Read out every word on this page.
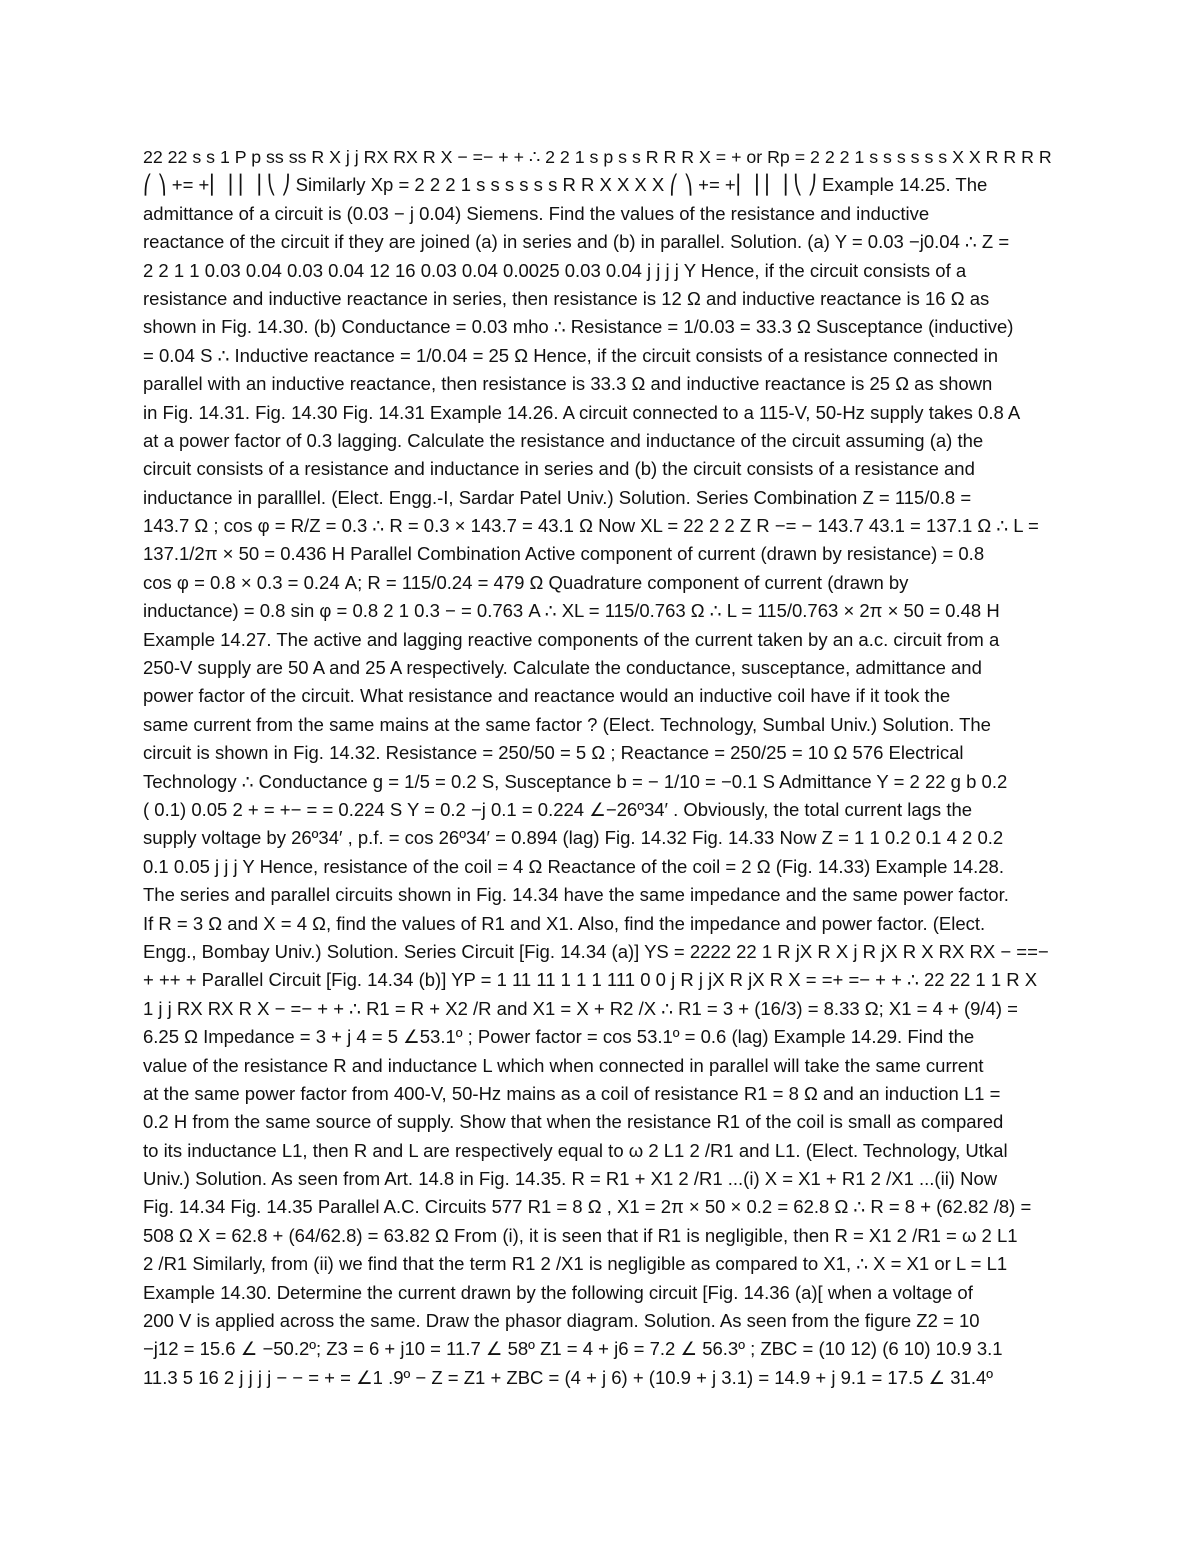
22 22 s s 1 P p ss ss R X j j RX RX R X − =− + + ∴ 2 2 1 s p s s R R R X = + or Rp = 2 2 2 1 s s s s s s X X R R R R
⎛ ⎞ += +⎜ ⎟ ⎜ ⎟ ⎝ ⎠ Similarly Xp = 2 2 2 1 s s s s s s R R X X X X ⎛ ⎞ += +⎜ ⎟ ⎜ ⎟ ⎝ ⎠ Example 14.25. The
admittance of a circuit is (0.03 − j 0.04) Siemens. Find the values of the resistance and inductive
reactance of the circuit if they are joined (a) in series and (b) in parallel. Solution. (a) Y = 0.03 −j0.04 ∴ Z =
2 2 1 1 0.03 0.04 0.03 0.04 12 16 0.03 0.04 0.0025 0.03 0.04 j j j j Y Hence, if the circuit consists of a
resistance and inductive reactance in series, then resistance is 12 Ω and inductive reactance is 16 Ω as
shown in Fig. 14.30. (b) Conductance = 0.03 mho ∴ Resistance = 1/0.03 = 33.3 Ω Susceptance (inductive)
= 0.04 S ∴ Inductive reactance = 1/0.04 = 25 Ω Hence, if the circuit consists of a resistance connected in
parallel with an inductive reactance, then resistance is 33.3 Ω and inductive reactance is 25 Ω as shown
in Fig. 14.31. Fig. 14.30 Fig. 14.31 Example 14.26. A circuit connected to a 115-V, 50-Hz supply takes 0.8 A
at a power factor of 0.3 lagging. Calculate the resistance and inductance of the circuit assuming (a) the
circuit consists of a resistance and inductance in series and (b) the circuit consists of a resistance and
inductance in paralllel. (Elect. Engg.-I, Sardar Patel Univ.) Solution. Series Combination Z = 115/0.8 =
143.7 Ω ; cos φ = R/Z = 0.3 ∴ R = 0.3 × 143.7 = 43.1 Ω Now XL = 22 2 2 Z R −= − 143.7 43.1 = 137.1 Ω ∴ L =
137.1/2π × 50 = 0.436 H Parallel Combination Active component of current (drawn by resistance) = 0.8
cos φ = 0.8 × 0.3 = 0.24 A; R = 115/0.24 = 479 Ω Quadrature component of current (drawn by
inductance) = 0.8 sin φ = 0.8 2 1 0.3 − = 0.763 A ∴ XL = 115/0.763 Ω ∴ L = 115/0.763 × 2π × 50 = 0.48 H
Example 14.27. The active and lagging reactive components of the current taken by an a.c. circuit from a
250-V supply are 50 A and 25 A respectively. Calculate the conductance, susceptance, admittance and
power factor of the circuit. What resistance and reactance would an inductive coil have if it took the
same current from the same mains at the same factor ? (Elect. Technology, Sumbal Univ.) Solution. The
circuit is shown in Fig. 14.32. Resistance = 250/50 = 5 Ω ; Reactance = 250/25 = 10 Ω 576 Electrical
Technology ∴ Conductance g = 1/5 = 0.2 S, Susceptance b = − 1/10 = −0.1 S Admittance Y = 2 22 g b 0.2
( 0.1) 0.05 2 + = +− = = 0.224 S Y = 0.2 −j 0.1 = 0.224 ∠−26º34′ . Obviously, the total current lags the
supply voltage by 26º34′ , p.f. = cos 26º34′ = 0.894 (lag) Fig. 14.32 Fig. 14.33 Now Z = 1 1 0.2 0.1 4 2 0.2
0.1 0.05 j j j Y Hence, resistance of the coil = 4 Ω Reactance of the coil = 2 Ω (Fig. 14.33) Example 14.28.
The series and parallel circuits shown in Fig. 14.34 have the same impedance and the same power factor.
If R = 3 Ω and X = 4 Ω, find the values of R1 and X1. Also, find the impedance and power factor. (Elect.
Engg., Bombay Univ.) Solution. Series Circuit [Fig. 14.34 (a)] YS = 2222 22 1 R jX R X j R jX R X RX RX − ==−
+ ++ + Parallel Circuit [Fig. 14.34 (b)] YP = 1 11 11 1 1 1 111 0 0 j R j jX R jX R X = =+ =− + + ∴ 22 22 1 1 R X
1 j j RX RX R X − =− + + ∴ R1 = R + X2 /R and X1 = X + R2 /X ∴ R1 = 3 + (16/3) = 8.33 Ω; X1 = 4 + (9/4) =
6.25 Ω Impedance = 3 + j 4 = 5 ∠53.1º ; Power factor = cos 53.1º = 0.6 (lag) Example 14.29. Find the
value of the resistance R and inductance L which when connected in parallel will take the same current
at the same power factor from 400-V, 50-Hz mains as a coil of resistance R1 = 8 Ω and an induction L1 =
0.2 H from the same source of supply. Show that when the resistance R1 of the coil is small as compared
to its inductance L1, then R and L are respectively equal to ω 2 L1 2 /R1 and L1. (Elect. Technology, Utkal
Univ.) Solution. As seen from Art. 14.8 in Fig. 14.35. R = R1 + X1 2 /R1 ...(i) X = X1 + R1 2 /X1 ...(ii) Now
Fig. 14.34 Fig. 14.35 Parallel A.C. Circuits 577 R1 = 8 Ω , X1 = 2π × 50 × 0.2 = 62.8 Ω ∴ R = 8 + (62.82 /8) =
508 Ω X = 62.8 + (64/62.8) = 63.82 Ω From (i), it is seen that if R1 is negligible, then R = X1 2 /R1 = ω 2 L1
2 /R1 Similarly, from (ii) we find that the term R1 2 /X1 is negligible as compared to X1, ∴ X = X1 or L = L1
Example 14.30. Determine the current drawn by the following circuit [Fig. 14.36 (a)[ when a voltage of
200 V is applied across the same. Draw the phasor diagram. Solution. As seen from the figure Z2 = 10
−j12 = 15.6 ∠ −50.2º; Z3 = 6 + j10 = 11.7 ∠ 58º Z1 = 4 + j6 = 7.2 ∠ 56.3º ; ZBC = (10 12) (6 10) 10.9 3.1
11.3 5 16 2 j j j j − − = + = ∠1 .9º − Z = Z1 + ZBC = (4 + j 6) + (10.9 + j 3.1) = 14.9 + j 9.1 = 17.5 ∠ 31.4º
